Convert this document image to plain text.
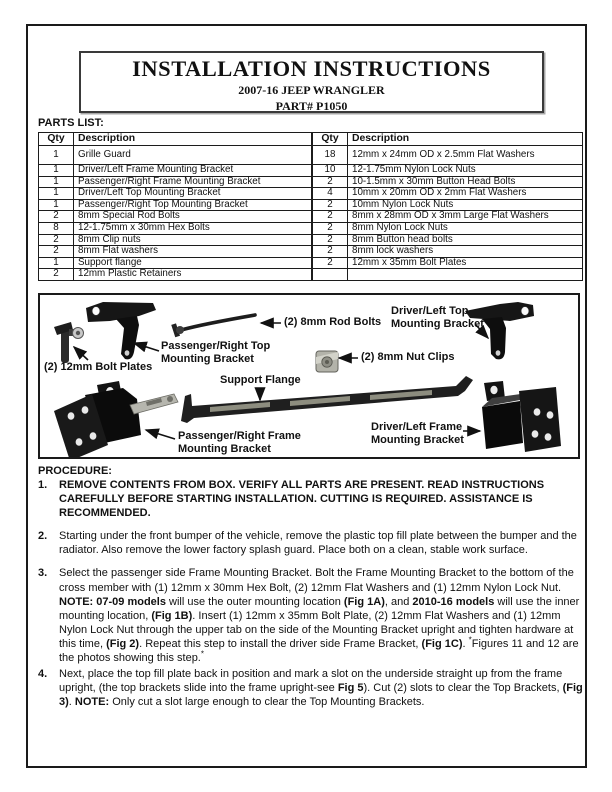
INSTALLATION INSTRUCTIONS
2007-16 JEEP WRANGLER
PART# P1050
PARTS LIST:
Qty	Description
1	Grille Guard
1	Driver/Left Frame Mounting Bracket
1	Passenger/Right Frame Mounting Bracket
1	Driver/Left Top Mounting Bracket
1	Passenger/Right Top Mounting Bracket
2	8mm Special Rod Bolts
8	12-1.75mm x 30mm Hex Bolts
2	8mm Clip nuts
2	8mm Flat washers
1	Support flange
2	12mm Plastic Retainers
Qty	Description
18	12mm x 24mm OD x 2.5mm Flat Washers
10	12-1.75mm Nylon Lock Nuts
2	10-1.5mm x 30mm Button Head Bolts
4	10mm x 20mm OD x 2mm Flat Washers
2	10mm Nylon Lock Nuts
2	8mm x 28mm OD x 3mm Large Flat Washers
2	8mm Nylon Lock Nuts
2	8mm Button head bolts
2	8mm lock washers
2	12mm x 35mm Bolt Plates

(2) 12mm Bolt Plates
Passenger/Right Top
Mounting Bracket
(2) 8mm Rod Bolts
(2) 8mm Nut Clips
Driver/Left Top
Mounting Bracket
Support Flange
Passenger/Right Frame
Mounting Bracket
Driver/Left Frame
Mounting Bracket
PROCEDURE:
1.	REMOVE CONTENTS FROM BOX. VERIFY ALL PARTS ARE PRESENT. READ INSTRUCTIONS CAREFULLY BEFORE STARTING INSTALLATION. CUTTING IS REQUIRED. ASSISTANCE IS RECOMMENDED.
2.	Starting under the front bumper of the vehicle, remove the plastic top fill plate between the bumper and the radiator. Also remove the lower factory splash guard. Place both on a clean, stable work surface.
3.	Select the passenger side Frame Mounting Bracket. Bolt the Frame Mounting Bracket to the bottom of the cross member with (1) 12mm x 30mm Hex Bolt, (2) 12mm Flat Washers and (1) 12mm Nylon Lock Nut. NOTE: 07-09 models will use the outer mounting location (Fig 1A), and 2010-16 models will use the inner mounting location, (Fig 1B). Insert (1) 12mm x 35mm Bolt Plate, (2) 12mm Flat Washers and (1) 12mm Nylon Lock Nut through the upper tab on the side of the Mounting Bracket upright and tighten hardware at this time, (Fig 2). Repeat this step to install the driver side Frame Bracket, (Fig 1C). *Figures 11 and 12 are the photos showing this step.*
4.	Next, place the top fill plate back in position and mark a slot on the underside straight up from the frame upright, (the top brackets slide into the frame upright-see Fig 5). Cut (2) slots to clear the Top Brackets, (Fig 3). NOTE: Only cut a slot large enough to clear the Top Mounting Brackets.
